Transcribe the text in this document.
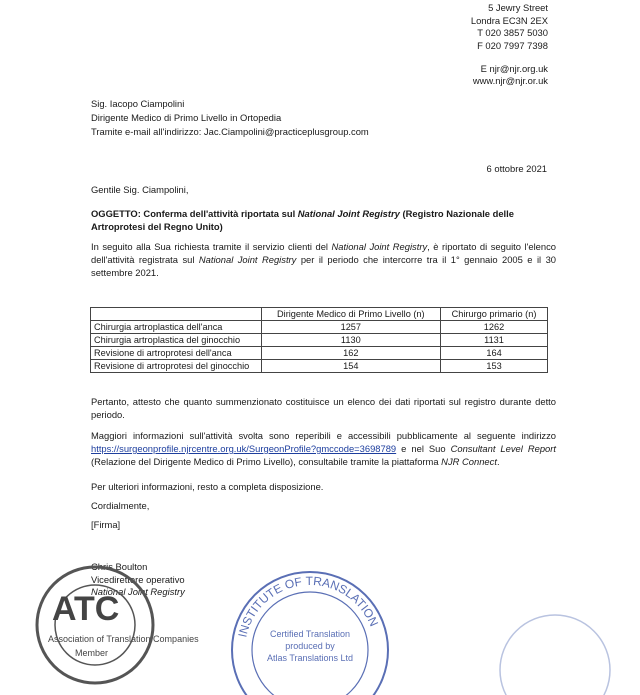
5 Jewry Street
Londra EC3N 2EX
T 020 3857 5030
F 020 7997 7398
E njr@njr.org.uk
www.njr@njr.or.uk
Sig. Iacopo Ciampolini
Dirigente Medico di Primo Livello in Ortopedia
Tramite e-mail all'indirizzo: Jac.Ciampolini@practiceplusgroup.com
6 ottobre 2021
Gentile Sig. Ciampolini,
OGGETTO: Conferma dell'attività riportata sul National Joint Registry (Registro Nazionale delle Artroprotesi del Regno Unito)
In seguito alla Sua richiesta tramite il servizio clienti del National Joint Registry, è riportato di seguito l'elenco dell'attività registrata sul National Joint Registry per il periodo che intercorre tra il 1° gennaio 2005 e il 30 settembre 2021.
	Dirigente Medico di Primo Livello (n)	Chirurgo primario (n)
Chirurgia artroplastica dell'anca	1257	1262
Chirurgia artroplastica del ginocchio	1130	1131
Revisione di artroprotesi dell'anca	162	164
Revisione di artroprotesi del ginocchio	154	153
Pertanto, attesto che quanto summenzionato costituisce un elenco dei dati riportati sul registro durante detto periodo.
Maggiori informazioni sull'attività svolta sono reperibili e accessibili pubblicamente al seguente indirizzo https://surgeonprofile.njrcentre.org.uk/SurgeonProfile?gmccode=3698789 e nel Suo Consultant Level Report (Relazione del Dirigente Medico di Primo Livello), consultabile tramite la piattaforma NJR Connect.
Per ulteriori informazioni, resto a completa disposizione.
Cordialmente,
[Firma]
Chris Boulton
Vicedirettore operativo
National Joint Registry
ATC
Association of Translation Companies
Member
INSTITUTE OF TRANSLATION
Certified Translation
produced by
Atlas Translations Ltd
